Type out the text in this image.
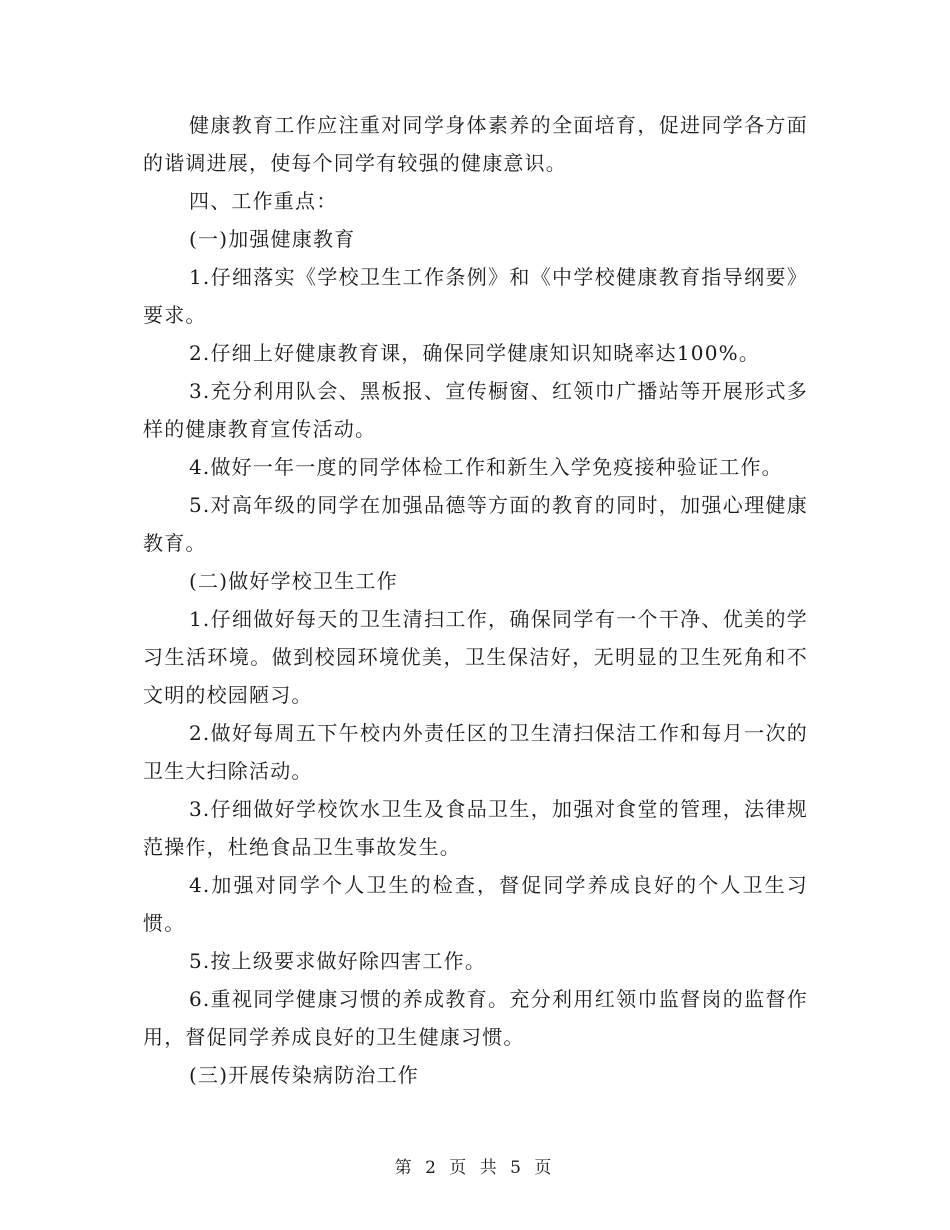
健康教育工作应注重对同学身体素养的全面培育，促进同学各方面的谐调进展，使每个同学有较强的健康意识。

四、工作重点：

(一)加强健康教育

1.仔细落实《学校卫生工作条例》和《中学校健康教育指导纲要》要求。

2.仔细上好健康教育课，确保同学健康知识知晓率达100%。

3.充分利用队会、黑板报、宣传橱窗、红领巾广播站等开展形式多样的健康教育宣传活动。

4.做好一年一度的同学体检工作和新生入学免疫接种验证工作。

5.对高年级的同学在加强品德等方面的教育的同时，加强心理健康教育。

(二)做好学校卫生工作

1.仔细做好每天的卫生清扫工作，确保同学有一个干净、优美的学习生活环境。做到校园环境优美，卫生保洁好，无明显的卫生死角和不文明的校园陋习。

2.做好每周五下午校内外责任区的卫生清扫保洁工作和每月一次的卫生大扫除活动。

3.仔细做好学校饮水卫生及食品卫生，加强对食堂的管理，法律规范操作，杜绝食品卫生事故发生。

4.加强对同学个人卫生的检查，督促同学养成良好的个人卫生习惯。

5.按上级要求做好除四害工作。

6.重视同学健康习惯的养成教育。充分利用红领巾监督岗的监督作用，督促同学养成良好的卫生健康习惯。

(三)开展传染病防治工作

第 2 页 共 5 页
